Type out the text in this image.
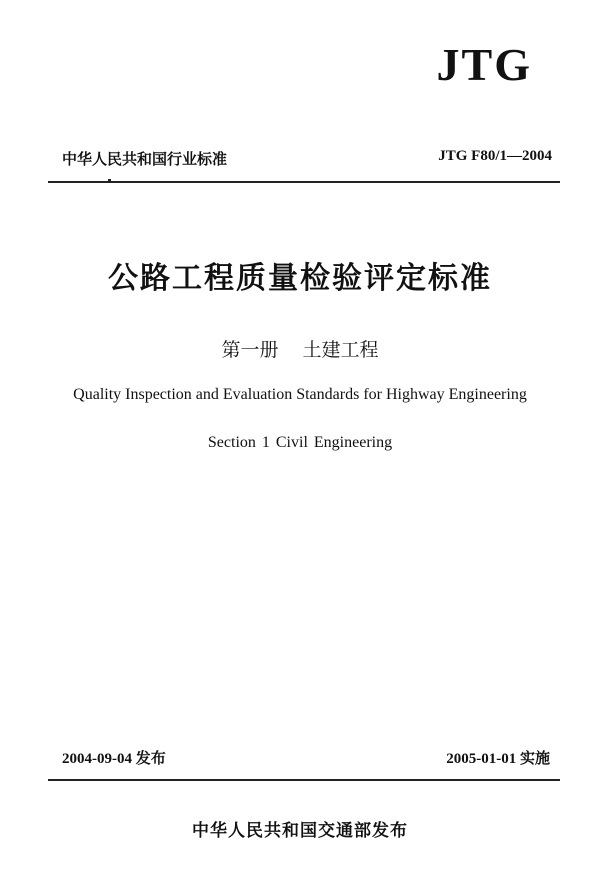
JTG
中华人民共和国行业标准	JTG F80/1—2004
公路工程质量检验评定标准
第一册 土建工程
Quality Inspection and Evaluation Standards for Highway Engineering
Section 1 Civil Engineering
2004-09-04 发布	2005-01-01 实施
中华人民共和国交通部发布
